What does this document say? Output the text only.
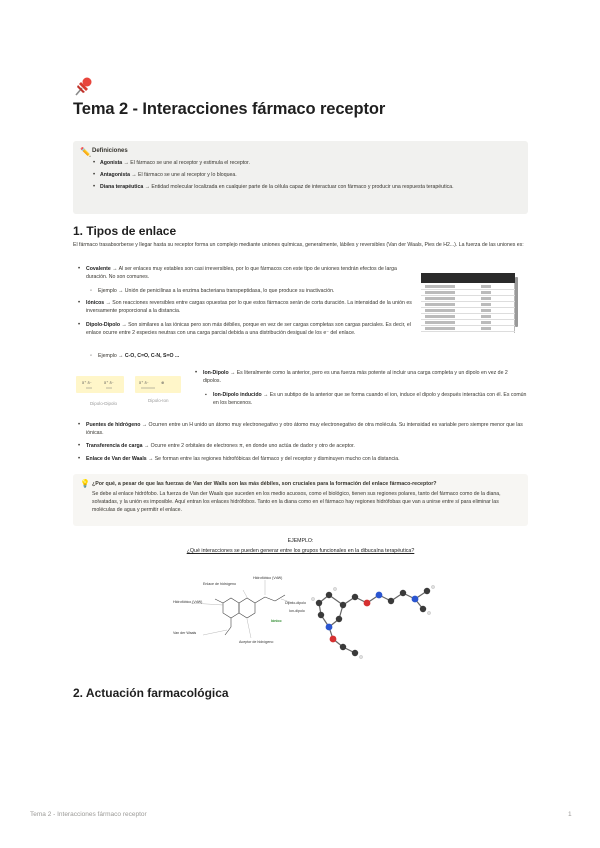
Tema 2 - Interacciones fármaco receptor
✏️ Definiciones
• Agonista → El fármaco se une al receptor y estimula el receptor.
• Antagonista → El fármaco se une al receptor y lo bloquea.
• Diana terapéutica → Entidad molecular localizada en cualquier parte de la célula capaz de interactuar con fármaco y producir una respuesta terapéutica.
1. Tipos de enlace
El fármaco trasabsorberse y llegar hasta su receptor forma un complejo mediante uniones químicas, generalmente, lábiles y reversibles (Van der Waals, Pies de H2...). La fuerza de las uniones es:
• Covalente → Al ser enlaces muy estables son casi irreversibles, por lo que fármacos con este tipo de uniones tendrán efectos de larga duración. No son comunes.
◦ Ejemplo → Unión de penicilinas a la enzima bacteriana transpeptidasa, lo que produce su inactivación.
• Iónicos → Son reacciones reversibles entre cargas opuestas por lo que estos fármacos serán de corta duración. La intensidad de la unión es inversamente proporcional a la distancia.
• Dipolo-Dipolo → Son similares a las iónicas pero son más débiles, porque en vez de ser cargas completas son cargas parciales. Es decir, el enlace ocurre entre 2 especies neutras con una carga parcial debida a una distribución desigual de los e⁻ del enlace.
◦ Ejemplo → C-O, C=O, C-N, S=O ...
δ⁺ δ⁻	δ⁺ δ⁻	δ⁺ δ⁻	⊕
Dipolo-Dipolo
Dipolo-Ion
• Ion-Dipolo → Es literalmente como la anterior, pero es una fuerza más potente al incluir una carga completa y un dipolo en vez de 2 dipolos.
▪ Ion-Dipolo inducido → Es un subtipo de la anterior que se forma cuando el ion, induce el dipolo y después interactúa con él. Es común en los bencenos.
• Puentes de hidrógeno → Ocurren entre un H unido un átomo muy electronegativo y otro átomo muy electronegativo de otra molécula. Su intensidad es variable pero siempre menor que las iónicas.
• Transferencia de carga → Ocurre entre 2 orbitales de electrones π, en donde uno actúa de dador y otro de aceptor.
• Enlace de Van der Waals → Se forman entre las regiones hidrofóbicas del fármaco y del receptor y disminuyen mucho con la distancia.
💡 ¿Por qué, a pesar de que las fuerzas de Van der Walls son las más débiles, son cruciales para la formación del enlace fármaco-receptor?
Se debe al enlace hidrófobo. La fuerza de Van der Waals que suceden en los medio acuosos, como el biológico, tienen sus regiones polares, tanto del fármaco como de la diana, solvatadas, y la unión es imposible. Aquí entran los enlaces hidrófobos. Tanto en la diana como en el fármaco hay regiones hidrófobas que van a unirse entre sí para eliminar las moléculas de agua y permitir el enlace.
EJEMPLO:
¿Qué interacciones se pueden generar entre los grupos funcionales en la dibucaína terapéutica?
Enlace de hidrógeno
Hidrofóbico (VdW)
Hidrofóbico (VdW)
Dipolo-dipolo
Ion-dipolo
Iónico
Van der Waals
Aceptor de hidrógeno
2. Actuación farmacológica
Tema 2 - Interacciones fármaco receptor	1
